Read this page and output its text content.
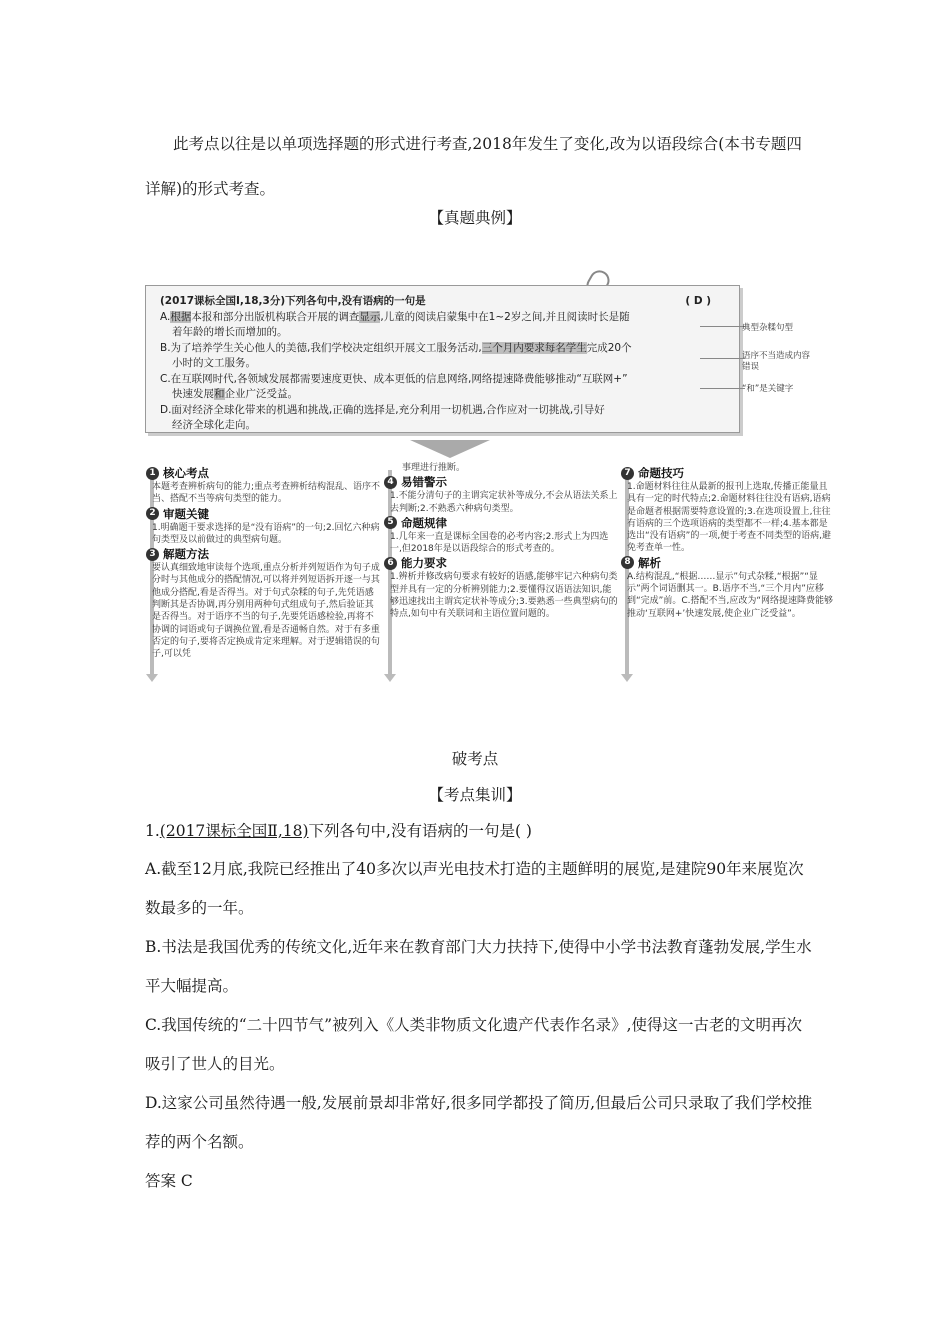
此考点以往是以单项选择题的形式进行考查,2018年发生了变化,改为以语段综合(本书专题四详解)的形式考查。
【真题典例】
(2017课标全国Ⅰ,18,3分)下列各句中,没有语病的一句是	( D )
A.根据本报和部分出版机构联合开展的调查显示,儿童的阅读启蒙集中在1~2岁之间,并且阅读时长是随
着年龄的增长而增加的。
B.为了培养学生关心他人的美德,我们学校决定组织开展文工服务活动,三个月内要求每名学生完成20个
小时的文工服务。
C.在互联网时代,各领域发展都需要速度更快、成本更低的信息网络,网络提速降费能够推动“互联网+”
快速发展和企业广泛受益。
D.面对经济全球化带来的机遇和挑战,正确的选择是,充分利用一切机遇,合作应对一切挑战,引导好
经济全球化走向。
典型杂糅句型
语序不当造成内容错误
“和”是关键字
1 核心考点

本题考查辨析病句的能力;重点考查辨析结构混乱、语序不当、搭配不当等病句类型的能力。

2 审题关键

1.明确题干要求选择的是“没有语病”的一句;2.回忆六种病句类型及以前做过的典型病句题。

3 解题方法

要认真细致地审读每个选项,重点分析并列短语作为句子成分时与其他成分的搭配情况,可以将并列短语拆开逐一与其他成分搭配,看是否得当。对于句式杂糅的句子,先凭语感判断其是否协调,再分别用两种句式组成句子,然后验证其是否得当。对于语序不当的句子,先要凭语感检验,再将不协调的词语或句子调换位置,看是否通畅自然。对于有多重否定的句子,要将否定换成肯定来理解。对于逻辑错误的句子,可以凭

事理进行推断。

4 易错警示

1.不能分清句子的主谓宾定状补等成分,不会从语法关系上去判断;2.不熟悉六种病句类型。

5 命题规律

1.几年来一直是课标全国卷的必考内容;2.形式上为四选一,但2018年是以语段综合的形式考查的。

6 能力要求

1.辨析并修改病句要求有较好的语感,能够牢记六种病句类型并具有一定的分析辨别能力;2.要懂得汉语语法知识,能够迅速找出主谓宾定状补等成分;3.要熟悉一些典型病句的特点,如句中有关联词和主语位置问题的。

7 命题技巧

1.命题材料往往从最新的报刊上选取,传播正能量且具有一定的时代特点;2.命题材料往往没有语病,语病是命题者根据需要特意设置的;3.在选项设置上,往往有语病的三个选项语病的类型都不一样;4.基本都是选出“没有语病”的一项,便于考查不同类型的语病,避免考查单一性。

8 解析

A.结构混乱,“根据……显示”句式杂糅,“根据”“显示”两个词语删其一。B.语序不当,“三个月内”应移到“完成”前。C.搭配不当,应改为“网络提速降费能够推动‘互联网+’快速发展,使企业广泛受益”。

破考点
【考点集训】
1.(2017课标全国Ⅱ,18)下列各句中,没有语病的一句是( )
A.截至12月底,我院已经推出了40多次以声光电技术打造的主题鲜明的展览,是建院90年来展览次数最多的一年。
B.书法是我国优秀的传统文化,近年来在教育部门大力扶持下,使得中小学书法教育蓬勃发展,学生水平大幅提高。
C.我国传统的“二十四节气”被列入《人类非物质文化遗产代表作名录》,使得这一古老的文明再次吸引了世人的目光。
D.这家公司虽然待遇一般,发展前景却非常好,很多同学都投了简历,但最后公司只录取了我们学校推荐的两个名额。
答案 C
